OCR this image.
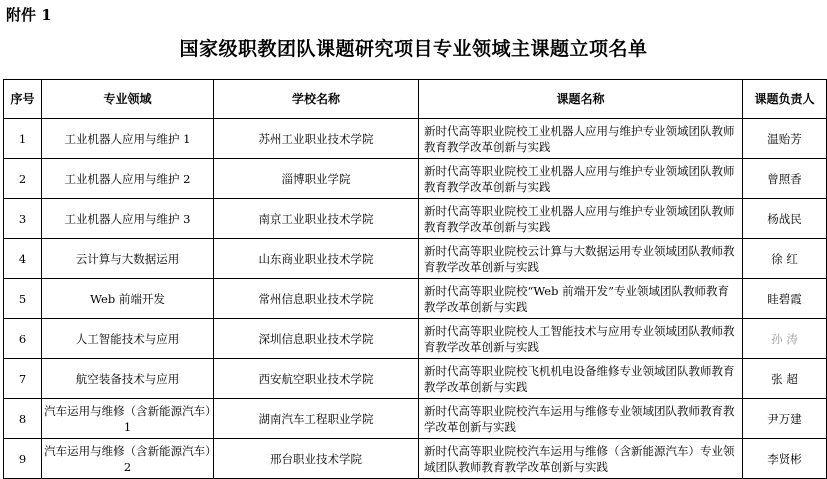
附件 1
国家级职教团队课题研究项目专业领域主课题立项名单
序号	专业领域	学校名称	课题名称	课题负责人
1	工业机器人应用与维护 1	苏州工业职业技术学院	新时代高等职业院校工业机器人应用与维护专业领域团队教师教育教学改革创新与实践	温贻芳
2	工业机器人应用与维护 2	淄博职业学院	新时代高等职业院校工业机器人应用与维护专业领域团队教师教育教学改革创新与实践	曾照香
3	工业机器人应用与维护 3	南京工业职业技术学院	新时代高等职业院校工业机器人应用与维护专业领域团队教师教育教学改革创新与实践	杨战民
4	云计算与大数据运用	山东商业职业技术学院	新时代高等职业院校云计算与大数据运用专业领域团队教师教育教学改革创新与实践	徐 红
5	Web 前端开发	常州信息职业技术学院	新时代高等职业院校“Web 前端开发”专业领域团队教师教育教学改革创新与实践	眭碧霞
6	人工智能技术与应用	深圳信息职业技术学院	新时代高等职业院校人工智能技术与应用专业领域团队教师教育教学改革创新与实践	孙 涛
7	航空装备技术与应用	西安航空职业技术学院	新时代高等职业院校飞机机电设备维修专业领域团队教师教育教学改革创新与实践	张 超
8	汽车运用与维修（含新能源汽车）1	湖南汽车工程职业学院	新时代高等职业院校汽车运用与维修专业领域团队教师教育教学改革创新与实践	尹万建
9	汽车运用与维修（含新能源汽车）2	邢台职业技术学院	新时代高等职业院校汽车运用与维修（含新能源汽车）专业领域团队教师教育教学改革创新与实践	李贤彬
